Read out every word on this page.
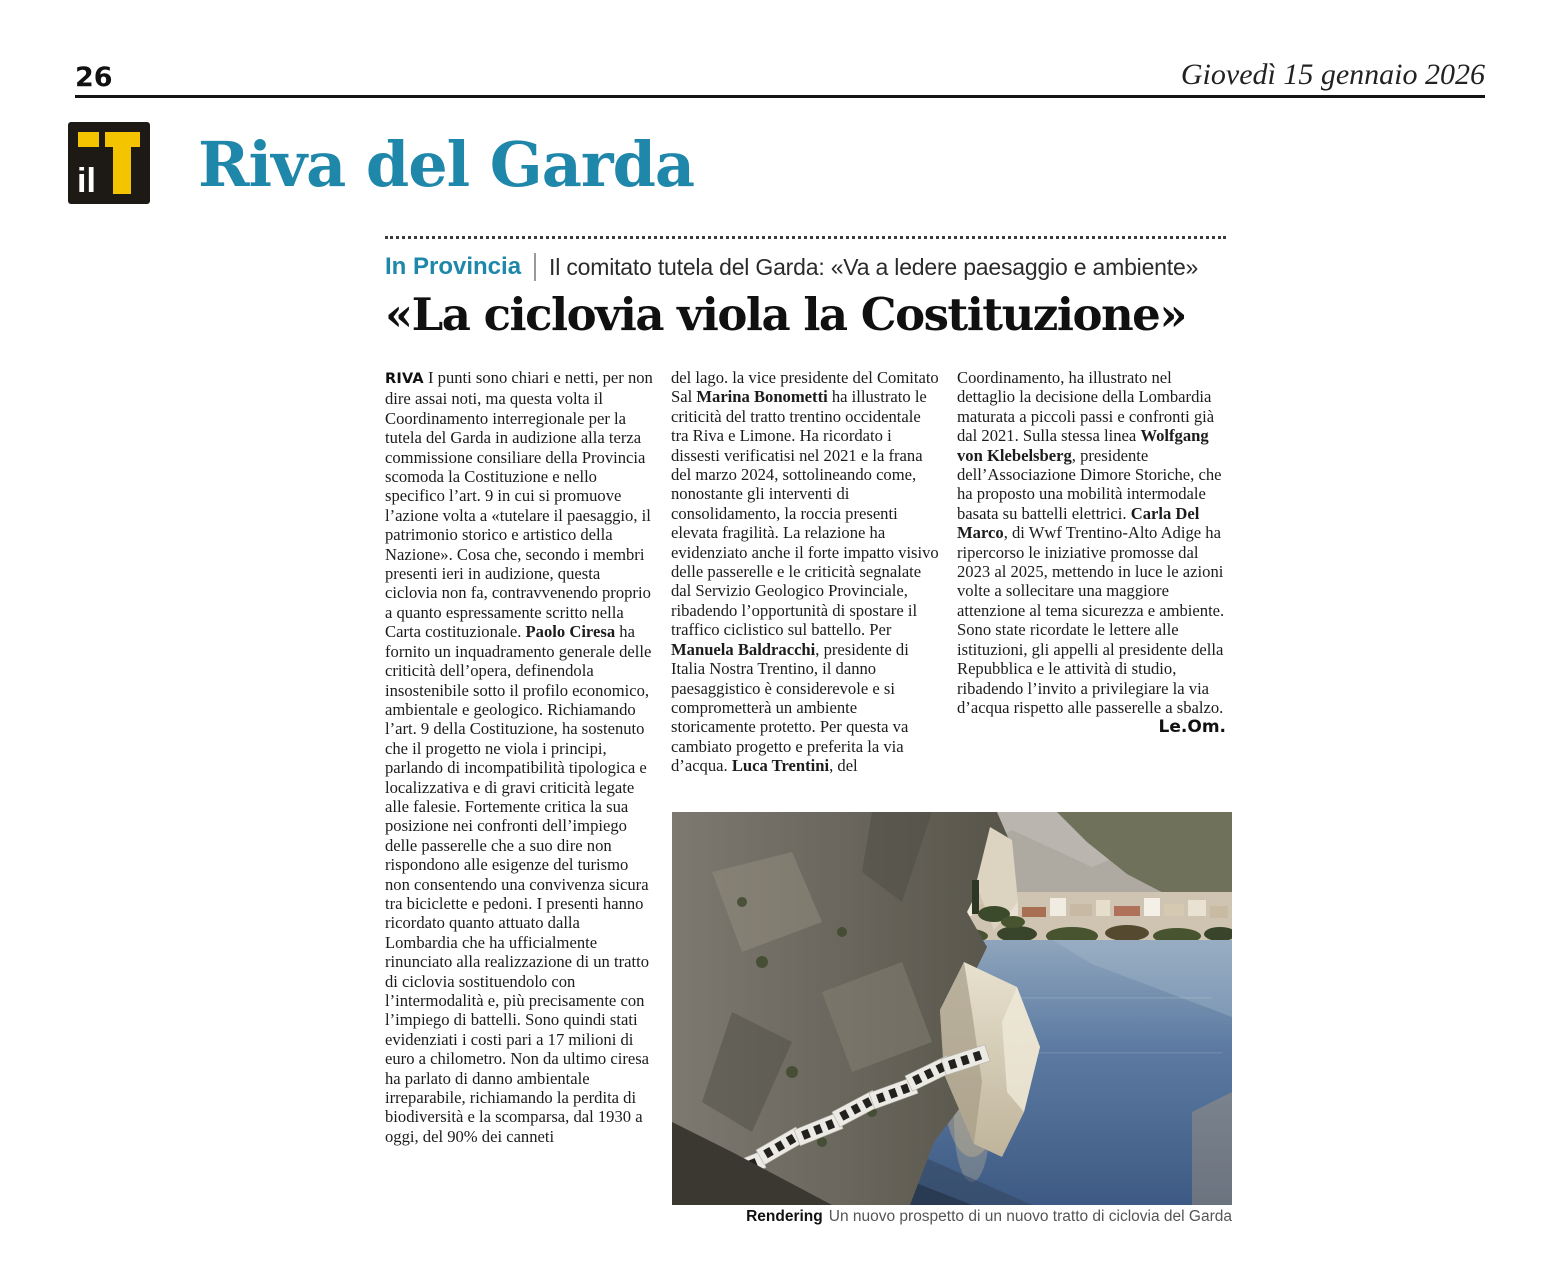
26	Giovedì 15 gennaio 2026
il Riva del Garda
In Provincia Il comitato tutela del Garda: «Va a ledere paesaggio e ambiente»
«La ciclovia viola la Costituzione»
RIVA I punti sono chiari e netti, per non dire assai noti, ma questa volta il Coordinamento interregionale per la tutela del Garda in audizione alla terza commissione consiliare della Provincia scomoda la Costituzione e nello specifico l’art. 9 in cui si promuove l’azione volta a «tutelare il paesaggio, il patrimonio storico e artistico della Nazione». Cosa che, secondo i membri presenti ieri in audizione, questa ciclovia non fa, contravvenendo proprio a quanto espressamente scritto nella Carta costituzionale. Paolo Ciresa ha fornito un inquadramento generale delle criticità dell’opera, definendola insostenibile sotto il profilo economico, ambientale e geologico. Richiamando l’art. 9 della Costituzione, ha sostenuto che il progetto ne viola i principi, parlando di incompatibilità tipologica e localizzativa e di gravi criticità legate alle falesie. Fortemente critica la sua posizione nei confronti dell’impiego delle passerelle che a suo dire non rispondono alle esigenze del turismo non consentendo una convivenza sicura tra biciclette e pedoni. I presenti hanno ricordato quanto attuato dalla Lombardia che ha ufficialmente rinunciato alla realizzazione di un tratto di ciclovia sostituendolo con l’intermodalità e, più precisamente con l’impiego di battelli. Sono quindi stati evidenziati i costi pari a 17 milioni di euro a chilometro. Non da ultimo ciresa ha parlato di danno ambientale irreparabile, richiamando la perdita di biodiversità e la scomparsa, dal 1930 a oggi, del 90% dei canneti
del lago. la vice presidente del Comitato Sal Marina Bonometti ha illustrato le criticità del tratto trentino occidentale tra Riva e Limone. Ha ricordato i dissesti verificatisi nel 2021 e la frana del marzo 2024, sottolineando come, nonostante gli interventi di consolidamento, la roccia presenti elevata fragilità. La relazione ha evidenziato anche il forte impatto visivo delle passerelle e le criticità segnalate dal Servizio Geologico Provinciale, ribadendo l’opportunità di spostare il traffico ciclistico sul battello. Per Manuela Baldracchi, presidente di Italia Nostra Trentino, il danno paesaggistico è considerevole e si comprometterà un ambiente storicamente protetto. Per questa va cambiato progetto e preferita la via d’acqua. Luca Trentini, del
Coordinamento, ha illustrato nel dettaglio la decisione della Lombardia maturata a piccoli passi e confronti già dal 2021. Sulla stessa linea Wolfgang von Klebelsberg, presidente dell’Associazione Dimore Storiche, che ha proposto una mobilità intermodale basata su battelli elettrici. Carla Del Marco, di Wwf Trentino-Alto Adige ha ripercorso le iniziative promosse dal 2023 al 2025, mettendo in luce le azioni volte a sollecitare una maggiore attenzione al tema sicurezza e ambiente. Sono state ricordate le lettere alle istituzioni, gli appelli al presidente della Repubblica e le attività di studio, ribadendo l’invito a privilegiare la via d’acqua rispetto alle passerelle a sbalzo.
Le.Om.
Rendering Un nuovo prospetto di un nuovo tratto di ciclovia del Garda
